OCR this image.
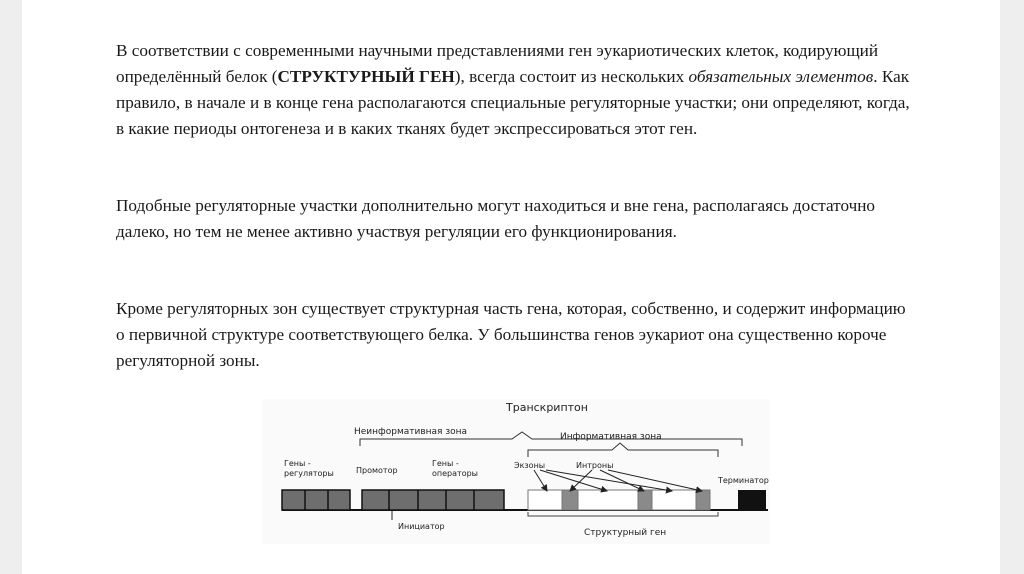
В соответствии с современными научными представлениями ген эукариотических клеток, кодирующий определённый белок (СТРУКТУРНЫЙ ГЕН), всегда состоит из нескольких обязательных элементов. Как правило, в начале и в конце гена располагаются специальные регуляторные участки; они определяют, когда, в какие периоды онтогенеза и в каких тканях будет экспрессироваться этот ген.

Подобные регуляторные участки дополнительно могут находиться и вне гена, располагаясь достаточно далеко, но тем не менее активно участвуя регуляции его функционирования.

Кроме регуляторных зон существует структурная часть гена, которая, собственно, и содержит информацию о первичной структуре соответствующего белка. У большинства генов эукариот она существенно короче регуляторной зоны.

Транскриптон
Неинформативная зона	Информативная зона
Гены -
регуляторы	Промотор
Гены -
операторы
Экзоны	Интроны
Терминатор
Инициатор
Структурный ген
